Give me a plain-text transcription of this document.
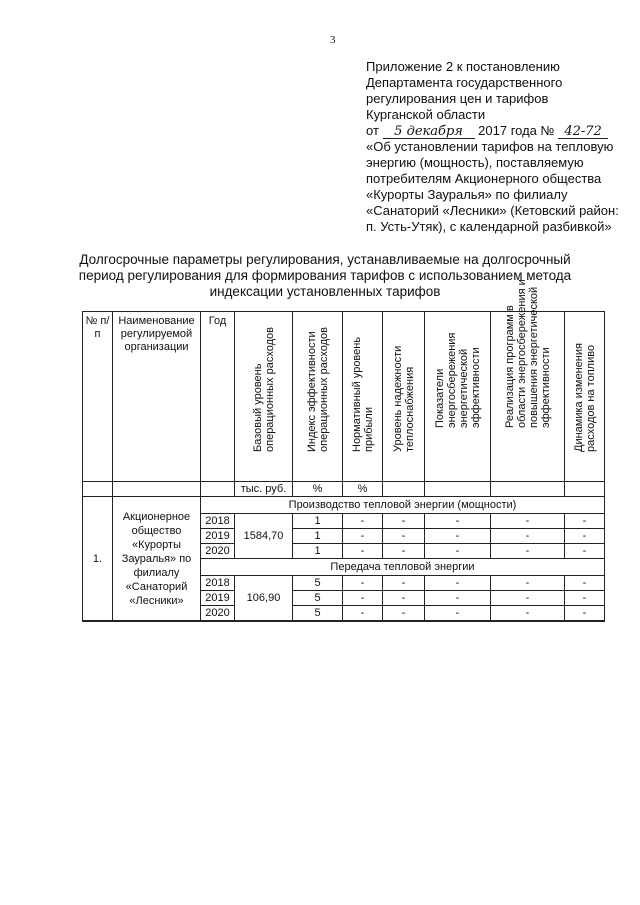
3
Приложение 2 к постановлению
Департамента государственного
регулирования цен и тарифов
Курганской области
от 5 декабря 2017 года № 42-72
«Об установлении тарифов на тепловую энергию (мощность), поставляемую потребителям Акционерного общества «Курорты Зауралья» по филиалу «Санаторий «Лесники» (Кетовский район: п. Усть-Утяк), с календарной разбивкой»
Долгосрочные параметры регулирования, устанавливаемые на долгосрочный период регулирования для формирования тарифов с использованием метода индексации установленных тарифов
№ п/п	Наименование регулируемой организации	Год	Базовый уровень операционных расходов	Индекс эффективности операционных расходов	Нормативный уровень прибыли	Уровень надежности теплоснабжения	Показатели энергосбережения энергетической эффективности	Реализация программ в области энергосбережения и повышения энергетической эффективности	Динамика изменения расходов на топливо

			тыс. руб.	%	%				
1.	Акционерное общество «Курорты Зауралья» по филиалу «Санаторий «Лесники»	Производство тепловой энергии (мощности)							
		2018	1584,70	1	-	-	-	-	-
		2019		1	-	-	-	-	-
		2020		1	-	-	-	-	-
		Передача тепловой энергии							
		2018	106,90	5	-	-	-	-	-
		2019		5	-	-	-	-	-
		2020		5	-	-	-	-	-
